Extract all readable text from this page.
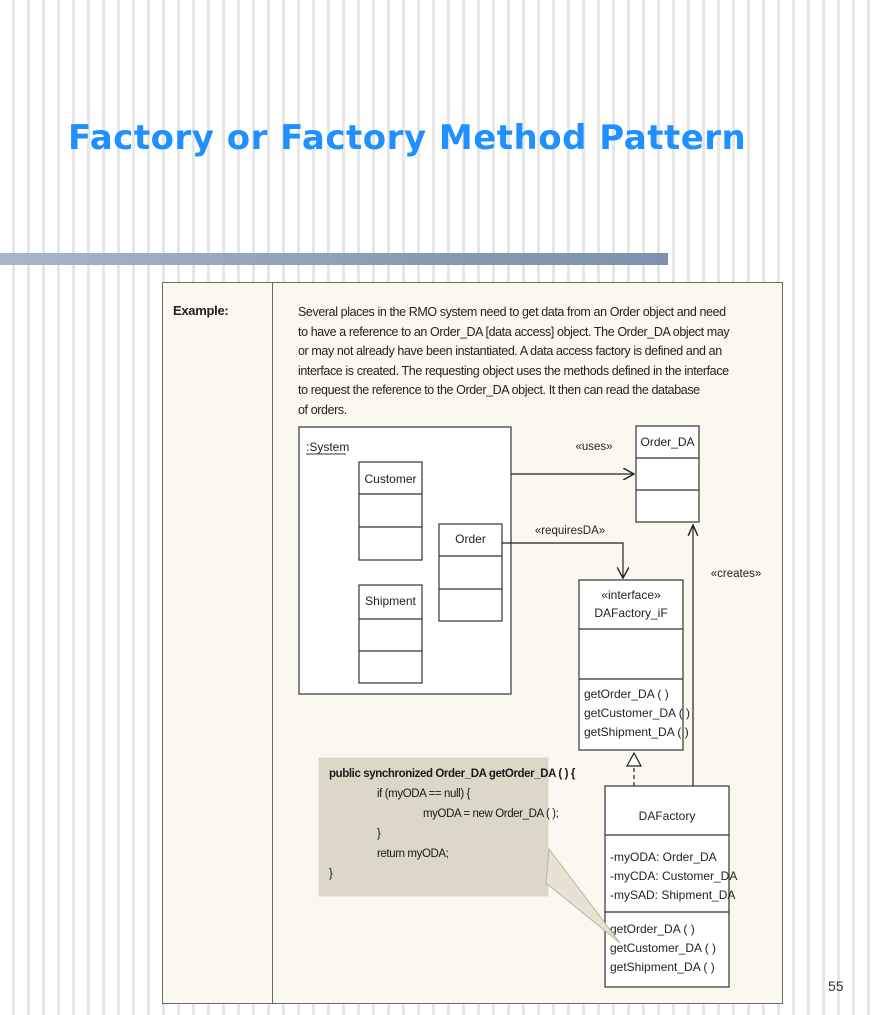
Factory or Factory Method Pattern
Example:	Several places in the RMO system need to get data from an Order object and need
to have a reference to an Order_DA [data access] object. The Order_DA object may
or may not already have been instantiated. A data access factory is defined and an
interface is created. The requesting object uses the methods defined in the interface
to request the reference to the Order_DA object. It then can read the database
of orders.
public synchronized Order_DA getOrder_DA ( ) {
if (myODA == null) {
myODA = new Order_DA ( );
}
return myODA;
}
:System
Customer
Order
Shipment
Order_DA
«interface»
DAFactory_iF
getOrder_DA ( )
getCustomer_DA ( )
getShipment_DA ( )
DAFactory
-myODA: Order_DA
-myCDA: Customer_DA
-mySAD: Shipment_DA
getOrder_DA ( )
getCustomer_DA ( )
getShipment_DA ( )
«uses»
«requiresDA»
«creates»
55
